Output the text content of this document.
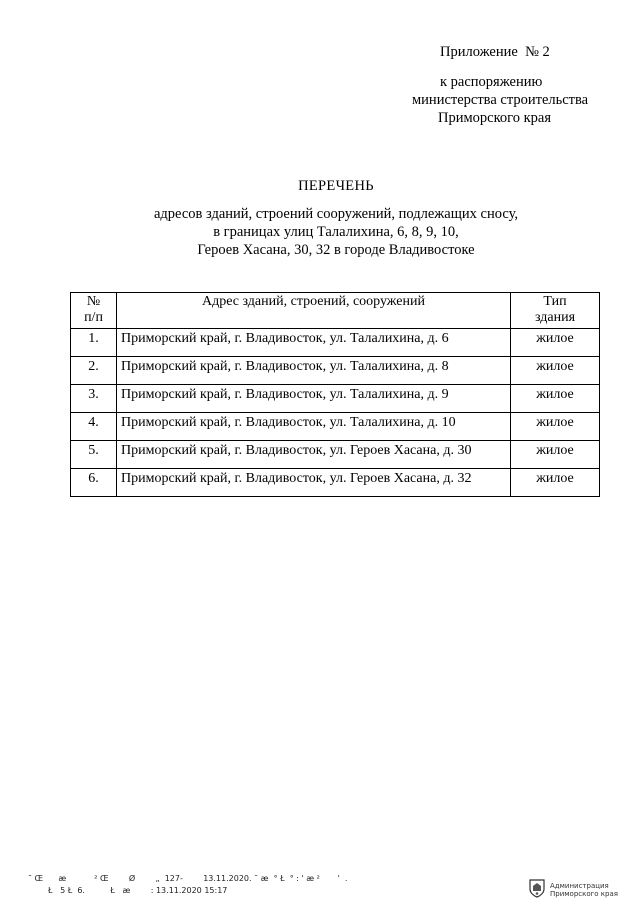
Приложение  № 2
к распоряжению
министерства строительства
Приморского края
ПЕРЕЧЕНЬ
адресов зданий, строений сооружений, подлежащих сносу,
в границах улиц Талалихина, 6, 8, 9, 10,
Героев Хасана, 30, 32 в городе Владивостоке
№
п/п	Адрес зданий, строений, сооружений	Тип
здания
1.	Приморский край, г. Владивосток, ул. Талалихина, д. 6	жилое
2.	Приморский край, г. Владивосток, ул. Талалихина, д. 8	жилое
3.	Приморский край, г. Владивосток, ул. Талалихина, д. 9	жилое
4.	Приморский край, г. Владивосток, ул. Талалихина, д. 10	жилое
5.	Приморский край, г. Владивосток, ул. Героев Хасана, д. 30	жилое
6.	Приморский край, г. Владивосток, ул. Героев Хасана, д. 32	жилое
˜ Œ      æ           ² Œ        Ø        „  127-        13.11.2020. ˜ æ  ° Ł  ° : ' æ ²       '  .
Ł   5 Ł  6.          Ł   æ        : 13.11.2020 15:17	Администрация
Приморского края
